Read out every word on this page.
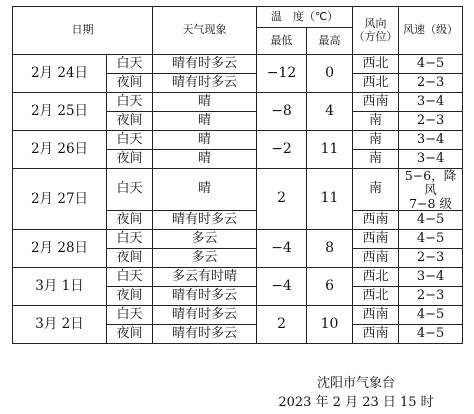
日期		天气现象	温　度（℃）		风向
（方位）	风速（级）
			最低	最高		
2月 24日	白天	晴有时多云	−12	0	西北	4−5
	夜间	晴有时多云			西北	2−3
2月 25日	白天	晴	−8	4	西南	3−4
	夜间	晴			南	2−3
2月 26日	白天	晴	−2	11	南	3−4
	夜间	晴			南	3−4
2月 27日	白天	晴	2	11	南	5−6，降风
7−8 级
	夜间	晴有时多云			西南	4−5
2月 28日	白天	多云	−4	8	西南	4−5
	夜间	多云			西南	2−3
3月 1日	白天	多云有时晴	−4	6	西北	3−4
	夜间	晴有时多云			西北	2−3
3月 2日	白天	晴有时多云	2	10	西南	4−5
	夜间	晴有时多云			西南	4−5
沈阳市气象台
2023 年 2 月 23 日 15 时
